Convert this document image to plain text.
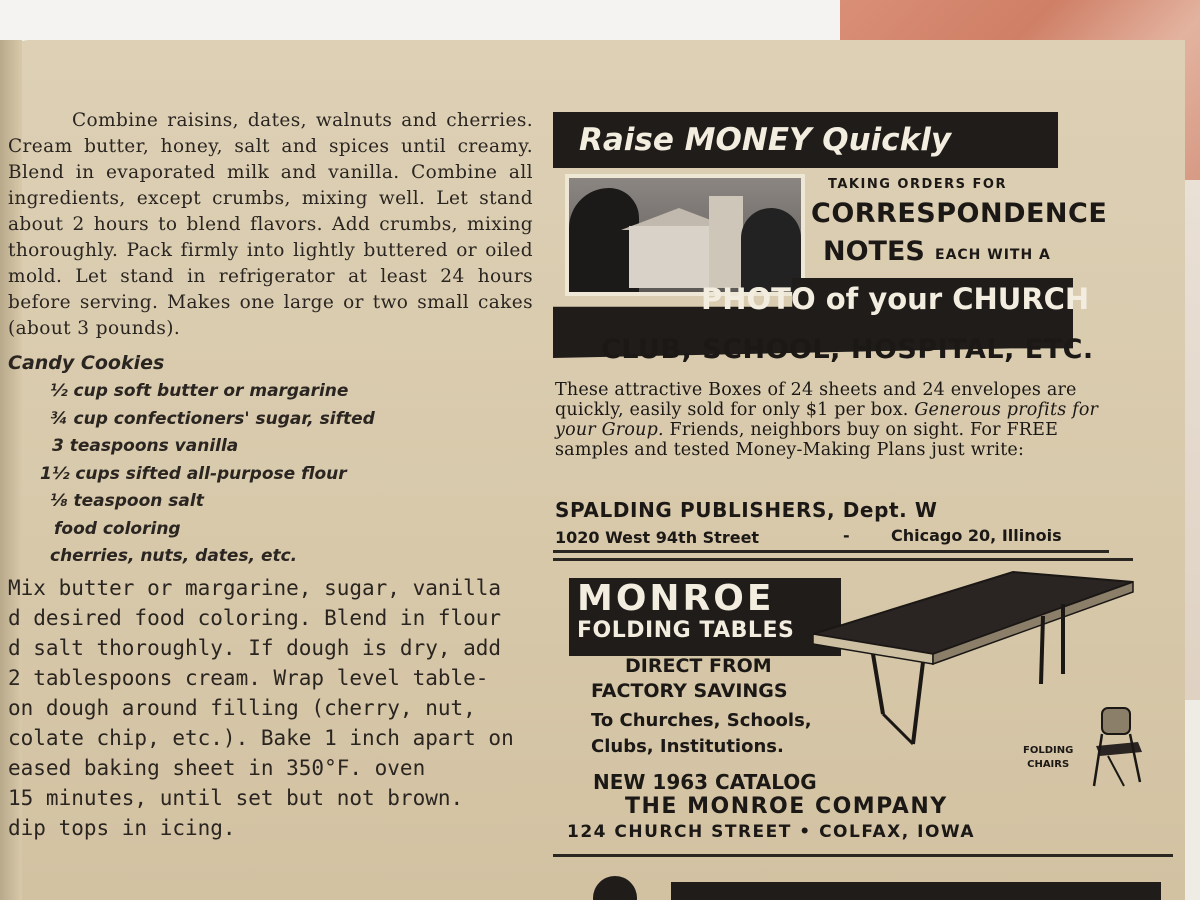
Combine raisins, dates, walnuts and cherries. Cream butter, honey, salt and spices until creamy. Blend in evaporated milk and vanilla. Combine all ingredients, except crumbs, mixing well. Let stand about 2 hours to blend flavors. Add crumbs, mixing thoroughly. Pack firmly into lightly buttered or oiled mold. Let stand in refrigerator at least 24 hours before serving. Makes one large or two small cakes (about 3 pounds).

Candy Cookies
½ cup soft butter or margarine
¾ cup confectioners' sugar, sifted
3 teaspoons vanilla
1½ cups sifted all-purpose flour
⅛ teaspoon salt
food coloring
cherries, nuts, dates, etc.

Mix butter or margarine, sugar, vanilla

d desired food coloring. Blend in flour

d salt thoroughly. If dough is dry, add

2 tablespoons cream. Wrap level table-

on dough around filling (cherry, nut,

colate chip, etc.). Bake 1 inch apart on

eased baking sheet in 350°F. oven

15 minutes, until set but not brown.

dip tops in icing.

Raise MONEY Quickly
TAKING ORDERS FOR
CORRESPONDENCE
NOTES EACH WITH A
PHOTO of your CHURCH
CLUB, SCHOOL, HOSPITAL, ETC.

These attractive Boxes of 24 sheets and 24 envelopes are quickly, easily sold for only $1 per box. Generous profits for your Group. Friends, neighbors buy on sight. For FREE samples and tested Money-Making Plans just write:

SPALDING PUBLISHERS, Dept. W
1020 West 94th Street	-	Chicago 20, Illinois
MONROE
FOLDING TABLES
FOLDING
CHAIRS
DIRECT FROM
FACTORY SAVINGS
To Churches, Schools,
Clubs, Institutions.
NEW 1963 CATALOG
THE MONROE COMPANY
124 CHURCH STREET • COLFAX, IOWA
